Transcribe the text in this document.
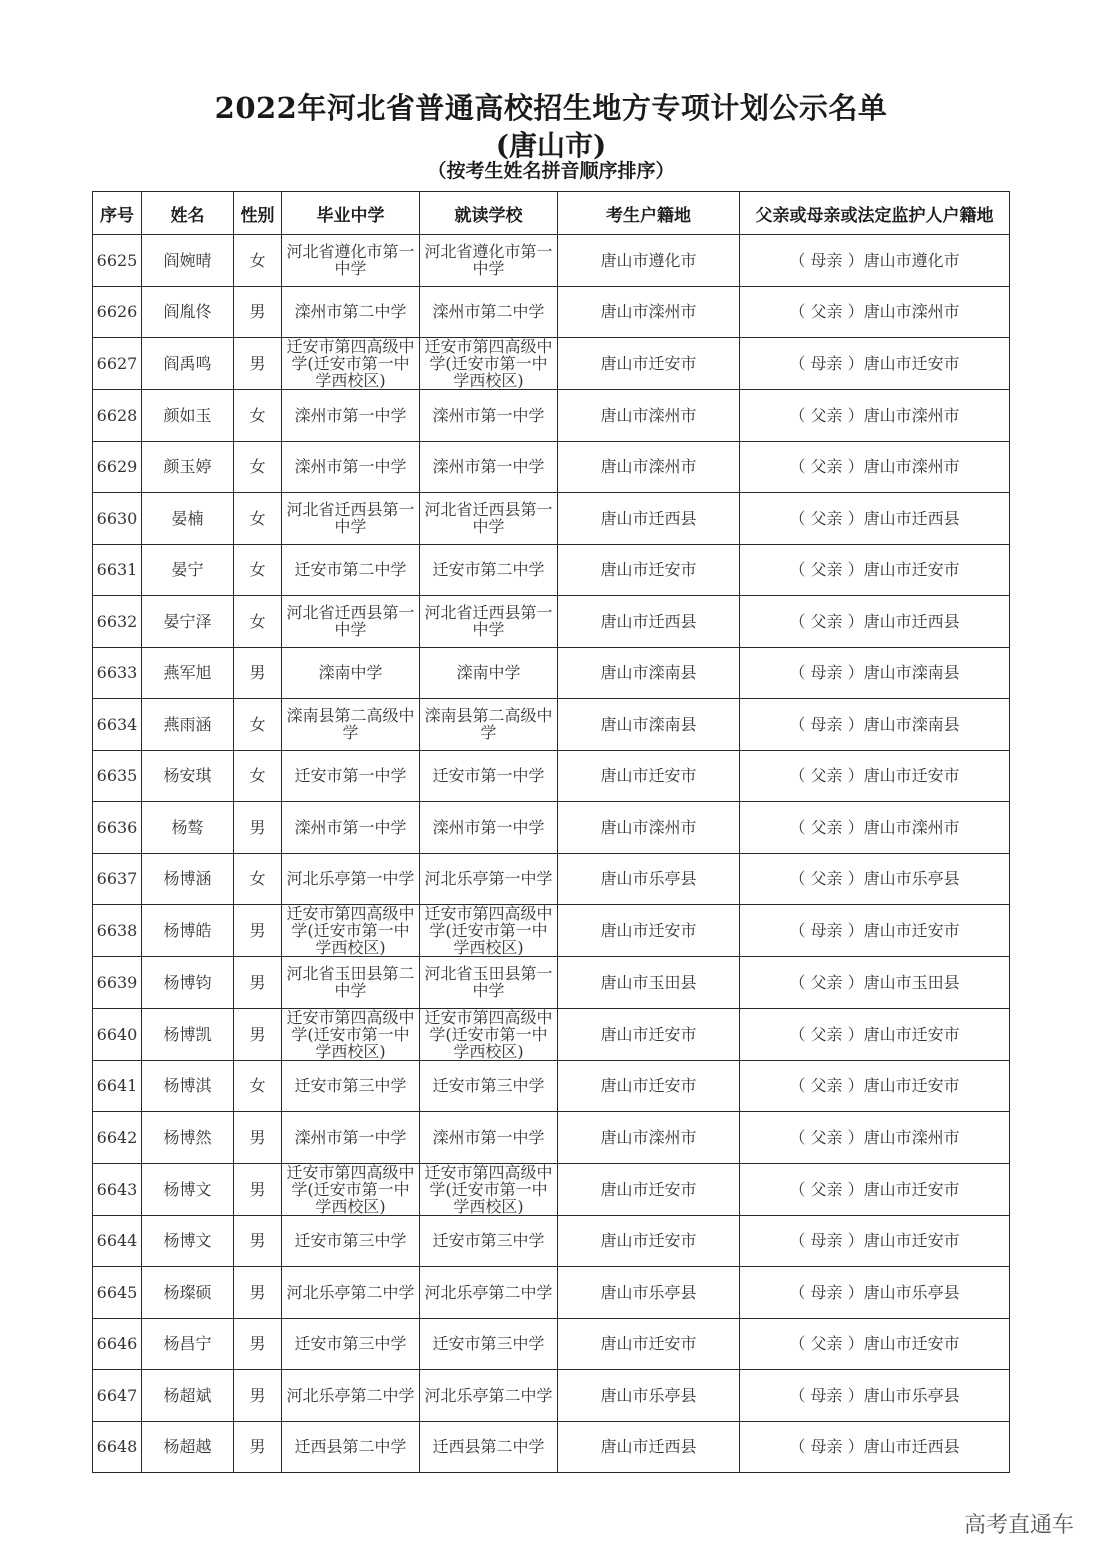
2022年河北省普通高校招生地方专项计划公示名单
(唐山市)
（按考生姓名拼音顺序排序）
序号	姓名	性别	毕业中学	就读学校	考生户籍地	父亲或母亲或法定监护人户籍地
6625	阎婉晴	女	河北省遵化市第一中学	河北省遵化市第一中学	唐山市遵化市	（ 母亲 ）唐山市遵化市
6626	阎胤佟	男	滦州市第二中学	滦州市第二中学	唐山市滦州市	（ 父亲 ）唐山市滦州市
6627	阎禹鸣	男	迁安市第四高级中学(迁安市第一中学西校区)	迁安市第四高级中学(迁安市第一中学西校区)	唐山市迁安市	（ 母亲 ）唐山市迁安市
6628	颜如玉	女	滦州市第一中学	滦州市第一中学	唐山市滦州市	（ 父亲 ）唐山市滦州市
6629	颜玉婷	女	滦州市第一中学	滦州市第一中学	唐山市滦州市	（ 父亲 ）唐山市滦州市
6630	晏楠	女	河北省迁西县第一中学	河北省迁西县第一中学	唐山市迁西县	（ 父亲 ）唐山市迁西县
6631	晏宁	女	迁安市第二中学	迁安市第二中学	唐山市迁安市	（ 父亲 ）唐山市迁安市
6632	晏宁泽	女	河北省迁西县第一中学	河北省迁西县第一中学	唐山市迁西县	（ 父亲 ）唐山市迁西县
6633	燕军旭	男	滦南中学	滦南中学	唐山市滦南县	（ 母亲 ）唐山市滦南县
6634	燕雨涵	女	滦南县第二高级中学	滦南县第二高级中学	唐山市滦南县	（ 母亲 ）唐山市滦南县
6635	杨安琪	女	迁安市第一中学	迁安市第一中学	唐山市迁安市	（ 父亲 ）唐山市迁安市
6636	杨骜	男	滦州市第一中学	滦州市第一中学	唐山市滦州市	（ 父亲 ）唐山市滦州市
6637	杨博涵	女	河北乐亭第一中学	河北乐亭第一中学	唐山市乐亭县	（ 父亲 ）唐山市乐亭县
6638	杨博皓	男	迁安市第四高级中学(迁安市第一中学西校区)	迁安市第四高级中学(迁安市第一中学西校区)	唐山市迁安市	（ 母亲 ）唐山市迁安市
6639	杨博钧	男	河北省玉田县第二中学	河北省玉田县第一中学	唐山市玉田县	（ 父亲 ）唐山市玉田县
6640	杨博凯	男	迁安市第四高级中学(迁安市第一中学西校区)	迁安市第四高级中学(迁安市第一中学西校区)	唐山市迁安市	（ 父亲 ）唐山市迁安市
6641	杨博淇	女	迁安市第三中学	迁安市第三中学	唐山市迁安市	（ 父亲 ）唐山市迁安市
6642	杨博然	男	滦州市第一中学	滦州市第一中学	唐山市滦州市	（ 父亲 ）唐山市滦州市
6643	杨博文	男	迁安市第四高级中学(迁安市第一中学西校区)	迁安市第四高级中学(迁安市第一中学西校区)	唐山市迁安市	（ 父亲 ）唐山市迁安市
6644	杨博文	男	迁安市第三中学	迁安市第三中学	唐山市迁安市	（ 母亲 ）唐山市迁安市
6645	杨璨硕	男	河北乐亭第二中学	河北乐亭第二中学	唐山市乐亭县	（ 母亲 ）唐山市乐亭县
6646	杨昌宁	男	迁安市第三中学	迁安市第三中学	唐山市迁安市	（ 父亲 ）唐山市迁安市
6647	杨超斌	男	河北乐亭第二中学	河北乐亭第二中学	唐山市乐亭县	（ 母亲 ）唐山市乐亭县
6648	杨超越	男	迁西县第二中学	迁西县第二中学	唐山市迁西县	（ 母亲 ）唐山市迁西县
高考直通车
